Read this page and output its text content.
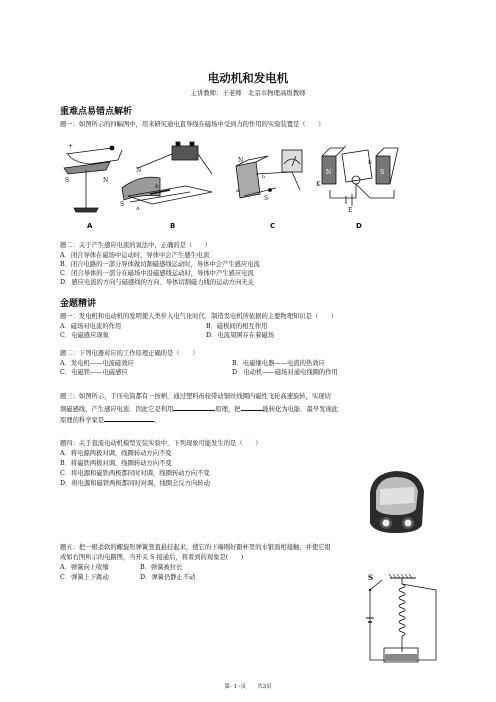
电动机和发电机
主讲教师：王老师　北京市物理高级教师
重难点易错点解析
题一：如图所示的四幅图中，用来研究通电直导线在磁场中受到力的作用的实验装置是（　　）
S	N
+
N
S
B
A
N
b
a
S
N	S
K
E
c
B
A	B	C	D
题二：关于产生感应电流的说法中，正确的是（　　）
A．闭合导体在磁场中运动时，导体中会产生感生电流
B．闭合电路的一部分导体做切割磁感线运动时，导体中会产生感应电流
C．闭合导体的一部分在磁场中沿磁感线运动时，导体中产生感应电流
D．感应电流的方向与磁感线的方向、导体切割磁力线的运动方向无关
金题精讲
题一：发电机和电动机的发明使人类步入电气化时代．制造发电机所依据的主要物理知识是（　　）
A．磁场对电流的作用	B．磁极间的相互作用
C．电磁感应现象	D．电流周围存在着磁场
题二：下列电器对应的工作原理正确的是（　　）
A．发电机——电流磁效应	B．电磁继电器——电流的热效应
C．电磁铁——电磁感应	D．电动机——磁场对通电线圈的作用
题三：如图所示，手压电筒都有一按柄，通过塑料齿轮带动铜丝线圈内磁性飞轮高速旋转，实现切
割磁感线，产生感应电流．因此它是利用	原理，把	能转化为电能．最早发现此
原理的科学家是	。
题四：关于直流电动机模型安装实验中，下列现象可能发生的是（　　）
A．将电源两极对调，线圈转动方向不变
B．将磁铁两极对调，线圈转动方向不变
C．将电源和磁铁两极都同时对调，线圈转动方向不变
D．将电源和磁铁两极都同时对调，线圈会反方向转动
题五：把一根柔软的螺旋形弹簧竖直悬挂起来，使它的下端刚好跟杯里的水银面相接触，并使它组
成如右图所示的电路图，当开关 S 接通后，将看到的现象是(　　)
A．弹簧向上收缩	B．弹簧被拉长
C．弹簧上下跳动	D．弹簧仍静止不动	S
第- 1 -页　　共3页
